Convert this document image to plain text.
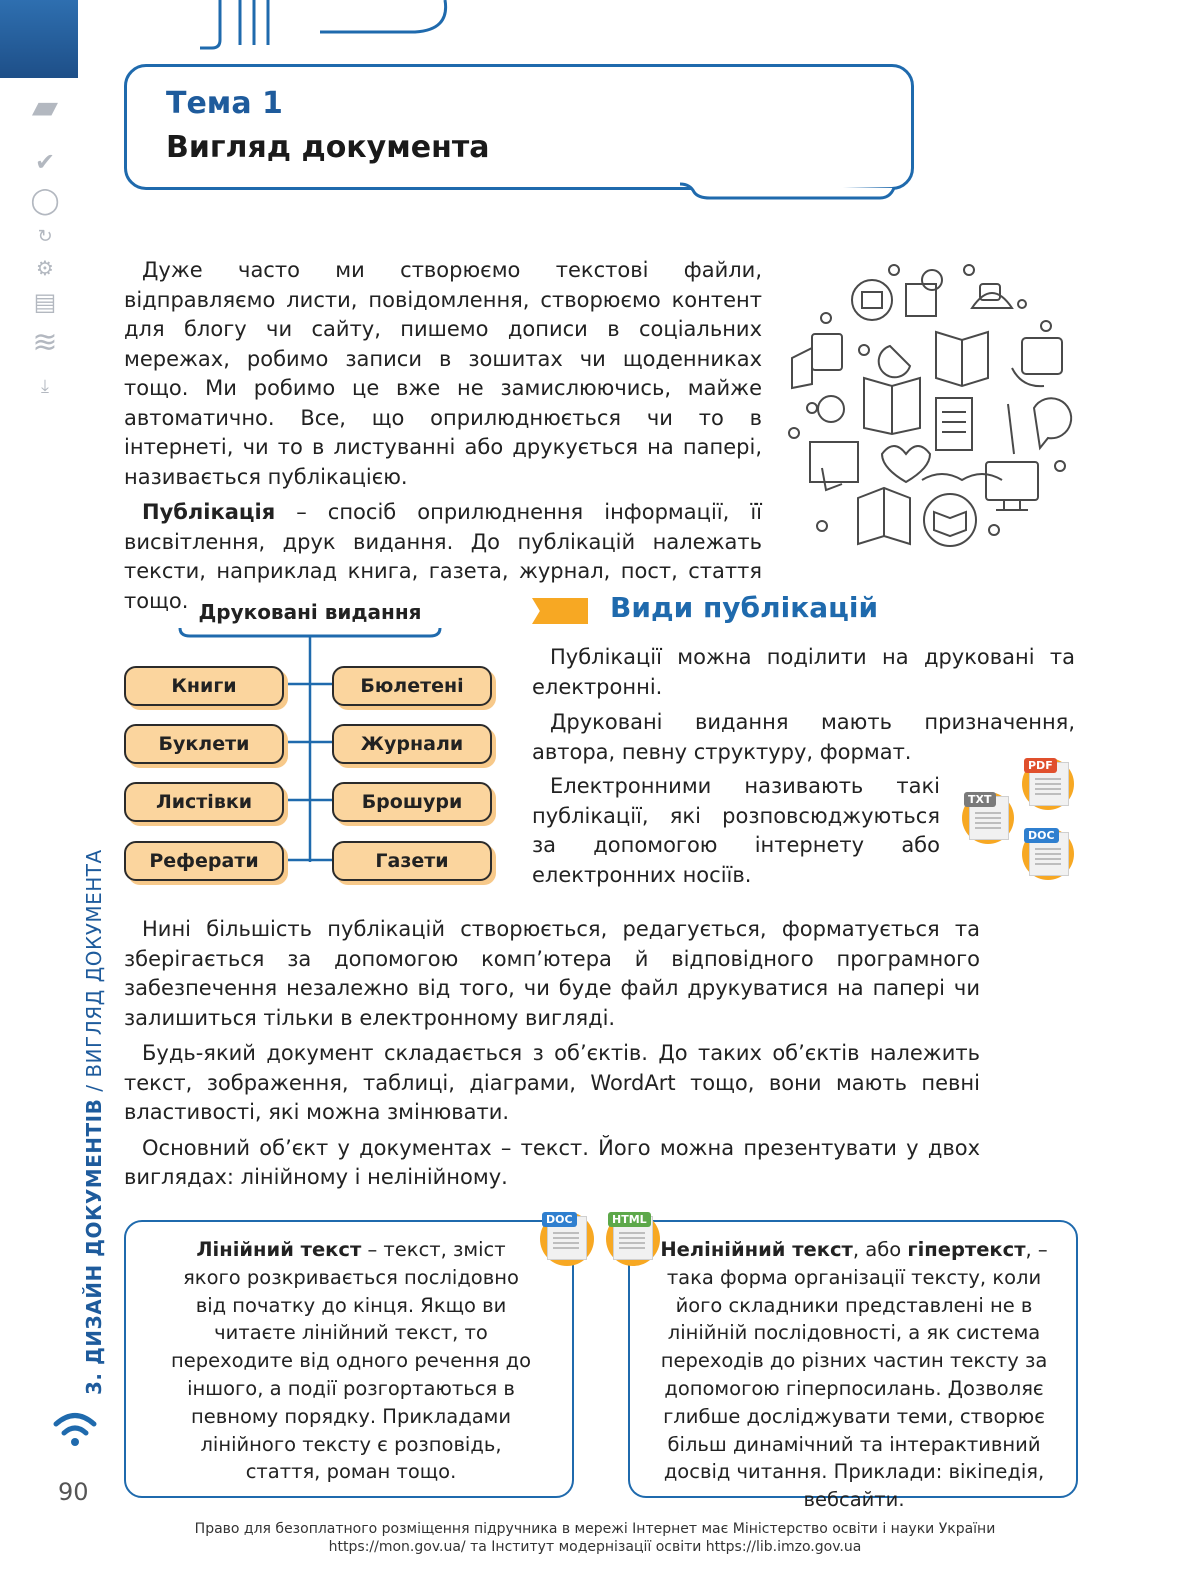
▰
✔
◯
↻
⚙
▤
≋
⤓
3. ДИЗАЙН ДОКУМЕНТІВ / ВИГЛЯД ДОКУМЕНТА
90
Тема 1
Вигляд документа

Дуже часто ми створюємо текстові файли, відправляємо листи, повідомлення, створюємо контент для блогу чи сайту, пишемо дописи в соціальних мережах, робимо записи в зошитах чи щоденниках тощо. Ми робимо це вже не замислюючись, майже автоматично. Все, що оприлюднюється чи то в інтернеті, чи то в листуванні або друкується на папері, називається публікацією.

Публікація – спосіб оприлюднення інформації, її висвітлення, друк видання. До публікацій належать тексти, наприклад книга, газета, журнал, пост, стаття тощо. Друковані видання
Книги
Буклети
Листівки
Реферати
Бюлетені
Журнали
Брошури
Газети
Види публікацій

Публікації можна поділити на друковані та електронні.

Друковані видання мають призначення, автора, певну структуру, формат.

Електронними називають такі публікації, які розповсюджуються за допомогою інтернету або електронних носіїв.

PDF
TXT
DOC

Нині більшість публікацій створюється, редагується, форматується та зберігається за допомогою комп’ютера й відповідного програмного забезпечення незалежно від того, чи буде файл друкуватися на папері чи залишиться тільки в електронному вигляді.

Будь-який документ складається з об’єктів. До таких об’єктів належить текст, зображення, таблиці, діаграми, WordArt тощо, вони мають певні властивості, які можна змінювати.

Основний об’єкт у документах – текст. Його можна презентувати у двох виглядах: лінійному і нелінійному.

DOC	HTML
Лінійний текст – текст, зміст якого розкривається послідовно від початку до кінця. Якщо ви читаєте лінійний текст, то переходите від одного речення до іншого, а події розгортаються в певному порядку. Прикладами лінійного тексту є розповідь, стаття, роман тощо.
Нелінійний текст, або гіпертекст, – така форма організації тексту, коли його складники представлені не в лінійній послідовності, а як система переходів до різних частин тексту за допомогою гіперпосилань. Дозволяє глибше досліджувати теми, створює більш динамічний та інтерактивний досвід читання. Приклади: вікіпедія, вебсайти.
Право для безоплатного розміщення підручника в мережі Інтернет має Міністерство освіти і науки України
https://mon.gov.ua/ та Інститут модернізації освіти https://lib.imzo.gov.ua
